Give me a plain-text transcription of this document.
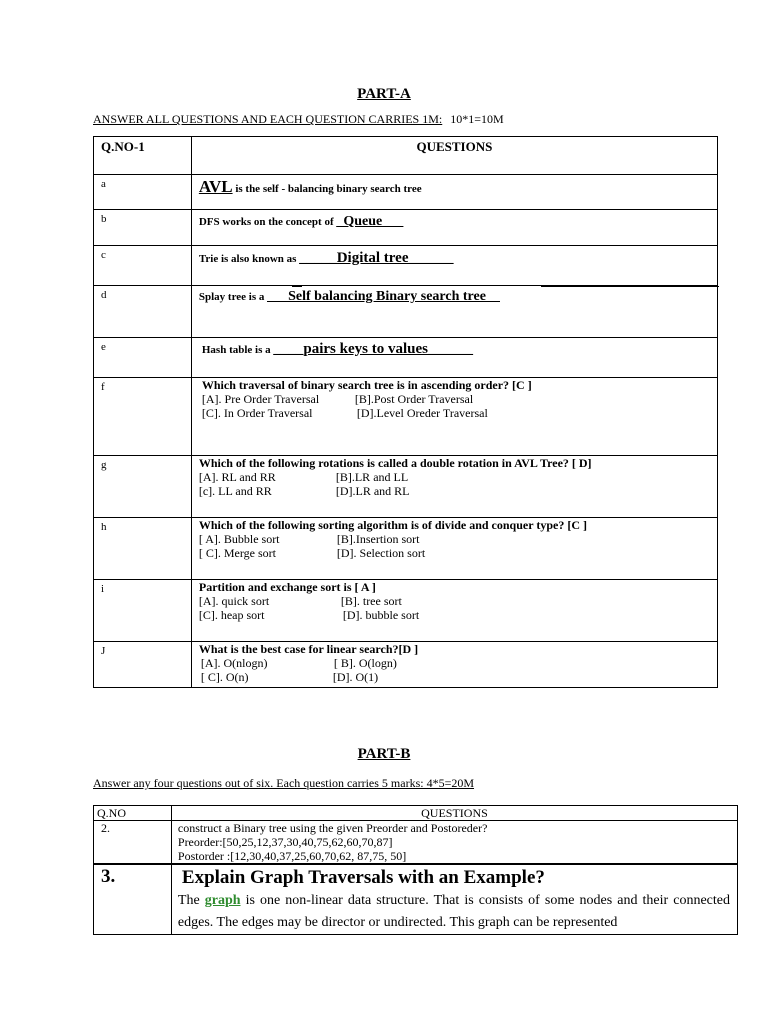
PART-A
ANSWER ALL QUESTIONS AND EACH QUESTION CARRIES 1M: 10*1=10M
Q.NO-1	QUESTIONS
a	AVL is the self - balancing binary search tree
b	DFS works on the concept of _Queue___
c	Trie is also known as _____Digital tree______
d	Splay tree is a ___Self balancing Binary search tree__

e	Hash table is a ____pairs keys to values______
f	Which traversal of binary search tree is in ascending order? [C ]
[A]. Pre Order Traversal [B].Post Order Traversal
[C]. In Order Traversal [D].Level Oreder Traversal

g	Which of the following rotations is called a double rotation in AVL Tree? [ D]
[A]. RL and RR [B].LR and LL
[c]. LL and RR [D].LR and RL

h	Which of the following sorting algorithm is of divide and conquer type? [C ]
[ A]. Bubble sort [B].Insertion sort
[ C]. Merge sort [D]. Selection sort

i	Partition and exchange sort is [ A ]
[A]. quick sort [B]. tree sort
[C]. heap sort [D]. bubble sort

J	What is the best case for linear search?[D ]
[A]. O(nlogn) [ B]. O(logn)
[ C]. O(n) [D]. O(1)
PART-B
Answer any four questions out of six. Each question carries 5 marks: 4*5=20M
Q.NO	QUESTIONS
2.	construct a Binary tree using the given Preorder and Postoreder?
Preorder:[50,25,12,37,30,40,75,62,60,70,87]
Postorder :[12,30,40,37,25,60,70,62, 87,75, 50]

3.	Explain Graph Traversals with an Example?
The graph is one non-linear data structure. That is consists of some nodes and their connected edges. The edges may be director or undirected. This graph can be represented
